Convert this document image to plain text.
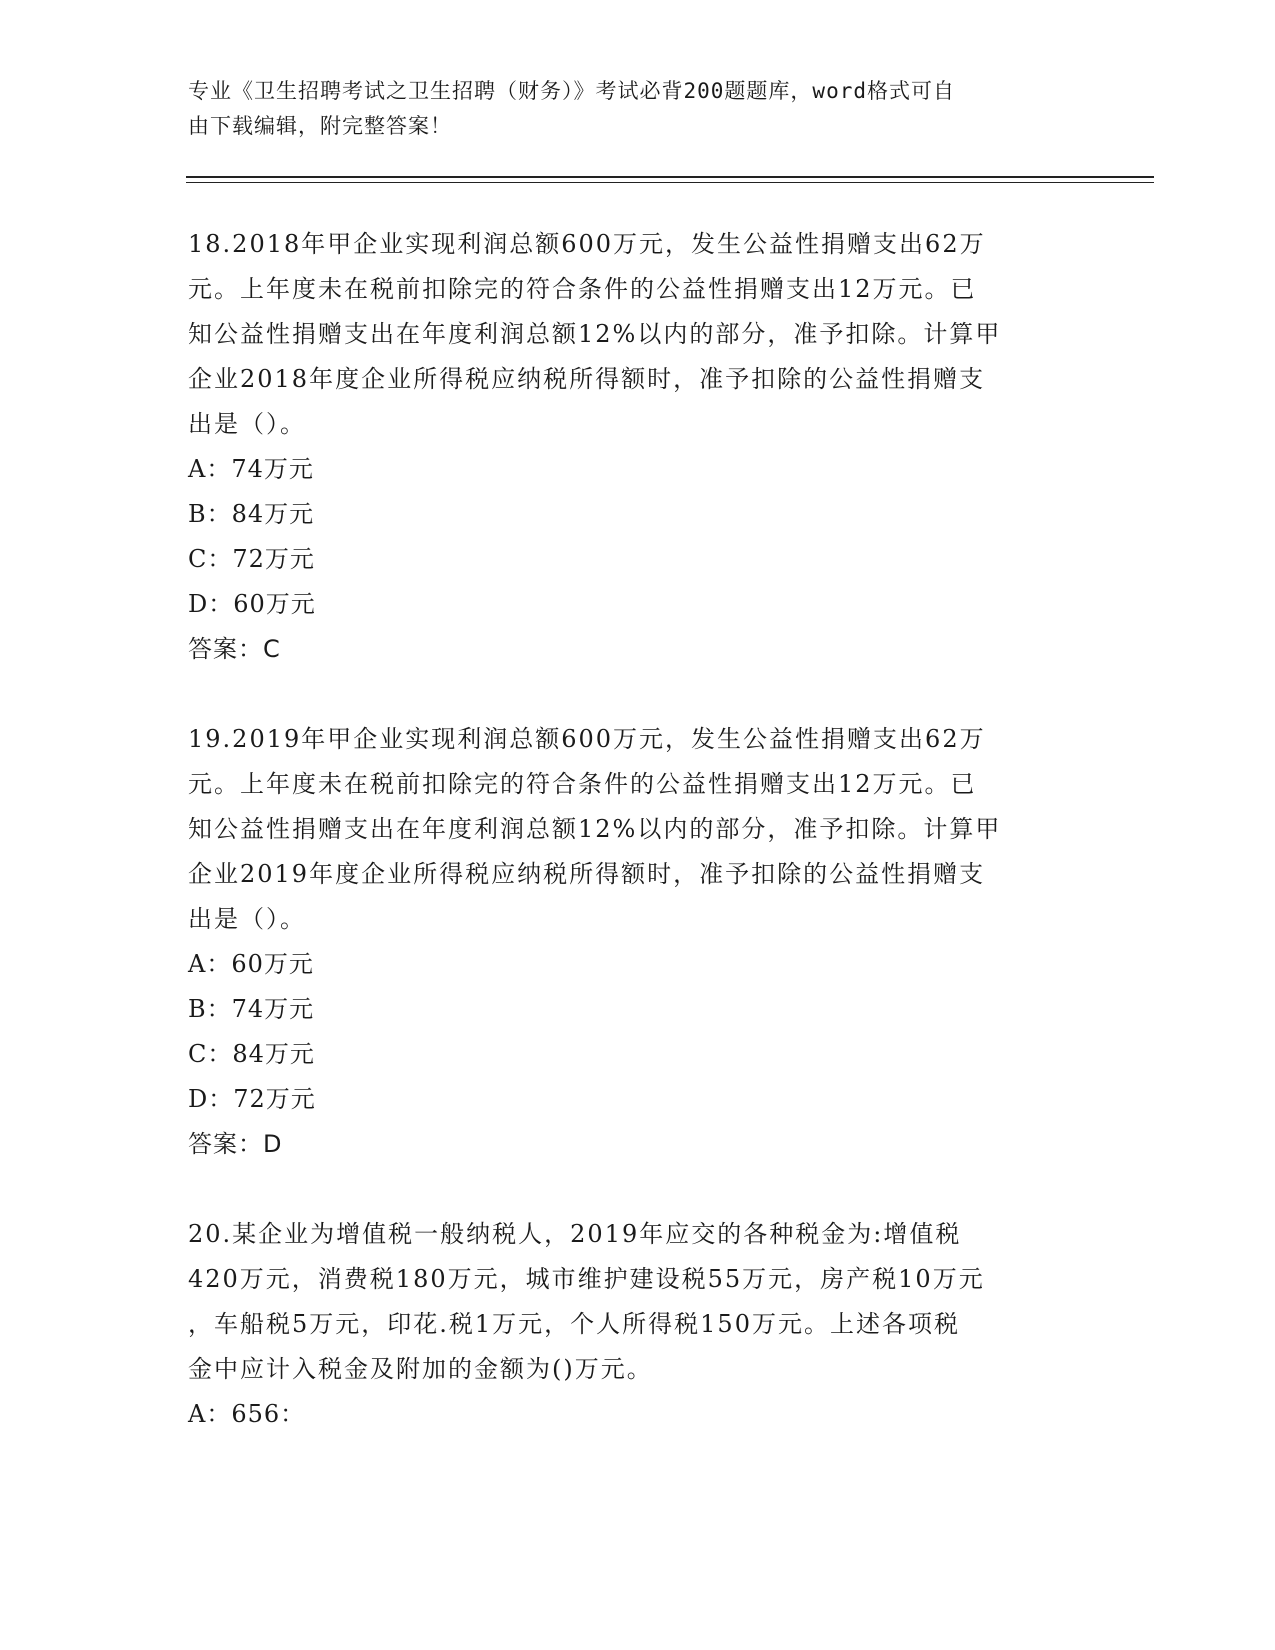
专业《卫生招聘考试之卫生招聘（财务）》考试必背200题题库，word格式可自
由下载编辑，附完整答案！

18.2018年甲企业实现利润总额600万元，发生公益性捐赠支出62万

元。上年度未在税前扣除完的符合条件的公益性捐赠支出12万元。已

知公益性捐赠支出在年度利润总额12%以内的部分，准予扣除。计算甲

企业2018年度企业所得税应纳税所得额时，准予扣除的公益性捐赠支

出是（）。

A：74万元

B：84万元

C：72万元

D：60万元

答案：C

19.2019年甲企业实现利润总额600万元，发生公益性捐赠支出62万

元。上年度未在税前扣除完的符合条件的公益性捐赠支出12万元。已

知公益性捐赠支出在年度利润总额12%以内的部分，准予扣除。计算甲

企业2019年度企业所得税应纳税所得额时，准予扣除的公益性捐赠支

出是（）。

A：60万元

B：74万元

C：84万元

D：72万元

答案：D

20.某企业为增值税一般纳税人，2019年应交的各种税金为:增值税

420万元，消费税180万元，城市维护建设税55万元，房产税10万元

，车船税5万元，印花.税1万元，个人所得税150万元。上述各项税

金中应计入税金及附加的金额为()万元。

A：656：
